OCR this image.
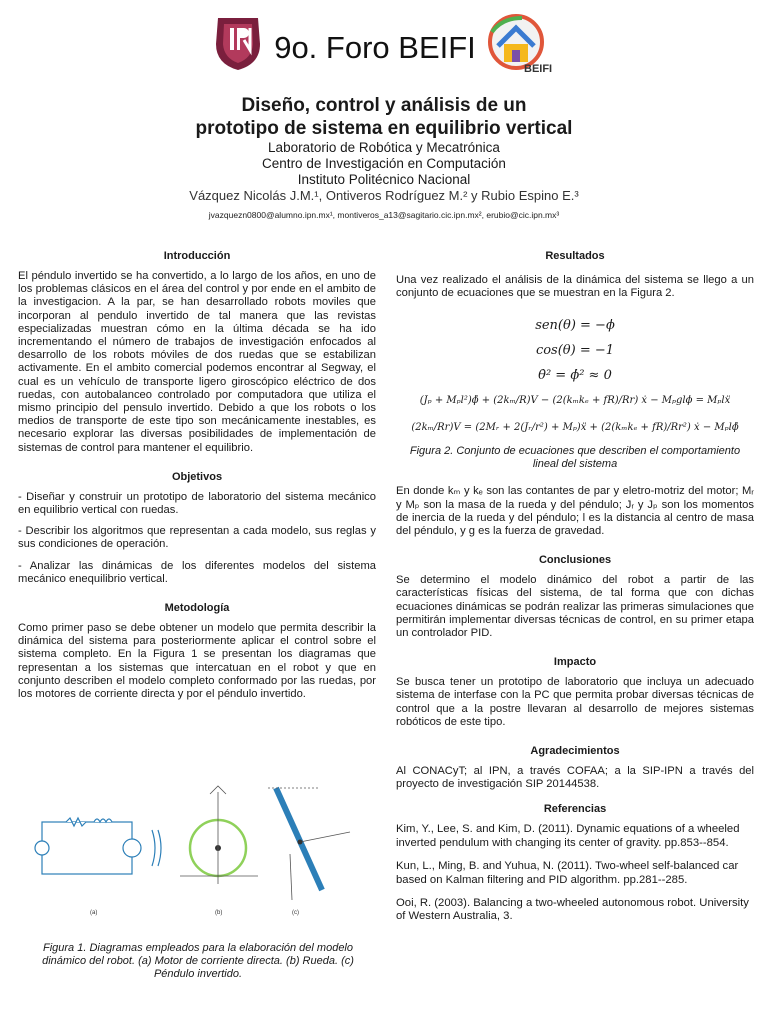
9o. Foro BEIFI
BEIFI
Diseño, control y análisis de un
prototipo de sistema en equilibrio vertical
Laboratorio de Robótica y Mecatrónica
Centro de Investigación en Computación
Instituto Politécnico Nacional
Vázquez Nicolás J.M.¹, Ontiveros Rodríguez M.² y Rubio Espino E.³
jvazquezn0800@alumno.ipn.mx¹, montiveros_a13@sagitario.cic.ipn.mx², erubio@cic.ipn.mx³
Introducción
El péndulo invertido se ha convertido, a lo largo de los años, en uno de los problemas clásicos en el área del control y por ende en el ambito de la investigacion. A la par, se han desarrollado robots moviles que incorporan al pendulo invertido de tal manera que las revistas especializadas muestran cómo en la última década se ha ido incrementando el número de trabajos de investigación enfocados al desarrollo de los robots móviles de dos ruedas que se estabilizan activamente. En el ambito comercial podemos encontrar al Segway, el cual es un vehículo de transporte ligero giroscópico eléctrico de dos ruedas, con autobalanceo controlado por computadora que utiliza el mismo principio del pensulo invertido. Debido a que los robots o los medios de transporte de este tipo son mecánicamente inestables, es necesario explorar las diversas posibilidades de implementación de sistemas de control para mantener el equilibrio.
Objetivos

- Diseñar y construir un prototipo de laboratorio del sistema mecánico en equilibrio vertical con ruedas.

- Describir los algoritmos que representan a cada modelo, sus reglas y sus condiciones de operación.

- Analizar las dinámicas de los diferentes modelos del sistema mecánico enequilibrio vertical.

Metodología
Como primer paso se debe obtener un modelo que permita describir la dinámica del sistema para posteriormente aplicar el control sobre el sistema completo. En la Figura 1 se presentan los diagramas que representan a los sistemas que intercatuan en el robot y que en conjunto describen el modelo completo conformado por las ruedas, por los motores de corriente directa y por el péndulo invertido.
(a)	(b)	(c)
Figura 1. Diagramas empleados para la elaboración del modelo dinámico del robot. (a) Motor de corriente directa. (b) Rueda. (c) Péndulo invertido.
Resultados
Una vez realizado el análisis de la dinámica del sistema se llego a un conjunto de ecuaciones que se muestran en la Figura 2.
sen(θ) = −ϕ
cos(θ) = −1
θ̇² = ϕ̇² ≈ 0
(Jₚ + Mₚl²)ϕ̈ + (2kₘ/R)V − (2(kₘkₑ + fR)/Rr) ẋ − Mₚglϕ = Mₚlẍ
(2kₘ/Rr)V = (2Mᵣ + 2(Jᵣ/r²) + Mₚ)ẍ + (2(kₘkₑ + fR)/Rr²) ẋ − Mₚlϕ̈
Figura 2. Conjunto de ecuaciones que describen el comportamiento lineal del sistema
En donde kₘ y kₑ son las contantes de par y eletro-motriz del motor; Mᵣ y Mₚ son la masa de la rueda y del péndulo; Jᵣ y Jₚ son los momentos de inercia de la rueda y del péndulo; l es la distancia al centro de masa del péndulo, y g es la fuerza de gravedad.
Conclusiones
Se determino el modelo dinámico del robot a partir de las características físicas del sistema, de tal forma que con dichas ecuaciones dinámicas se podrán realizar las primeras simulaciones que permitirán implementar diversas técnicas de control, en su primer etapa un controlador PID.
Impacto
Se busca tener un prototipo de laboratorio que incluya un adecuado sistema de interfase con la PC que permita probar diversas técnicas de control que a la postre llevaran al desarrollo de mejores sistemas robóticos de este tipo.
Agradecimientos
Al CONACyT; al IPN, a través COFAA; a la SIP-IPN a través del proyecto de investigación SIP 20144538.
Referencias

Kim, Y., Lee, S. and Kim, D. (2011). Dynamic equations of a wheeled inverted pendulum with changing its center of gravity. pp.853--854.

Kun, L., Ming, B. and Yuhua, N. (2011). Two-wheel self-balanced car based on Kalman filtering and PID algorithm. pp.281--285.

Ooi, R. (2003). Balancing a two-wheeled autonomous robot. University of Western Australia, 3.
